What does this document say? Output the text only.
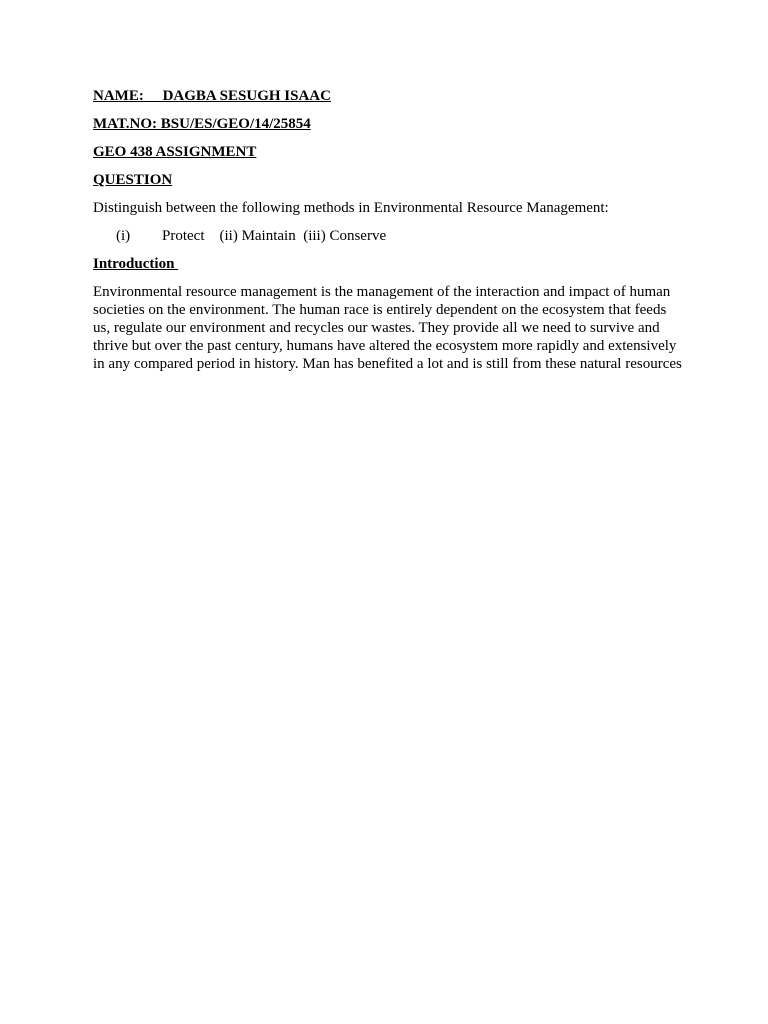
NAME: DAGBA SESUGH ISAAC
MAT.NO: BSU/ES/GEO/14/25854
GEO 438 ASSIGNMENT
QUESTION
Distinguish between the following methods in Environmental Resource Management:
(i)	Protect    (ii) Maintain  (iii) Conserve
Introduction

Environmental resource management is the management of the interaction and impact of human societies on the environment. The human race is entirely dependent on the ecosystem that feeds us, regulate our environment and recycles our wastes. They provide all we need to survive and thrive but over the past century, humans have altered the ecosystem more rapidly and extensively in any compared period in history. Man has benefited a lot and is still from these natural resources
